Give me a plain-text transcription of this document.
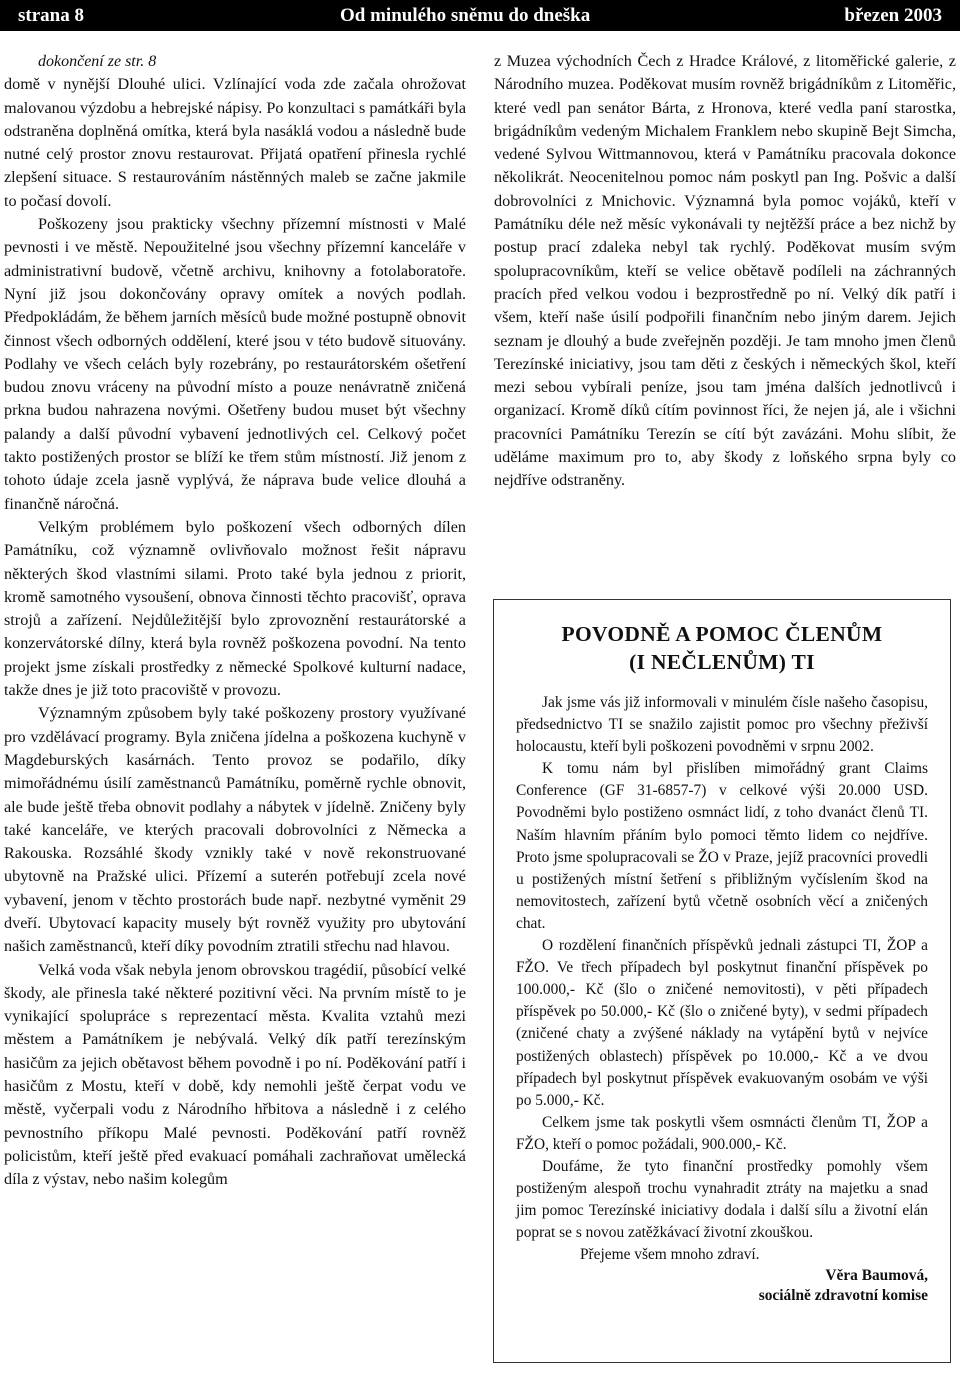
strana 8	Od minulého sněmu do dneška	březen 2003

dokončení ze str. 8

domě v nynější Dlouhé ulici. Vzlínající voda zde začala ohrožovat malovanou výzdobu a hebrejské nápisy. Po konzultaci s památkáři byla odstraněna doplněná omítka, která byla nasáklá vodou a následně bude nutné celý prostor znovu restaurovat. Přijatá opatření přinesla rychlé zlepšení situace. S restaurováním nástěnných maleb se začne jakmile to počasí dovolí.

Poškozeny jsou prakticky všechny přízemní místnosti v Malé pevnosti i ve městě. Nepoužitelné jsou všechny přízemní kanceláře v administrativní budově, včetně archivu, knihovny a fotolaboratoře. Nyní již jsou dokončovány opravy omítek a nových podlah. Předpokládám, že během jarních měsíců bude možné postupně obnovit činnost všech odborných oddělení, které jsou v této budově situovány. Podlahy ve všech celách byly rozebrány, po restaurátorském ošetření budou znovu vráceny na původní místo a pouze nenávratně zničená prkna budou nahrazena novými. Ošetřeny budou muset být všechny palandy a další původní vybavení jednotlivých cel. Celkový počet takto postižených prostor se blíží ke třem stům místností. Již jenom z tohoto údaje zcela jasně vyplývá, že náprava bude velice dlouhá a finančně náročná.

Velkým problémem bylo poškození všech odborných dílen Památníku, což významně ovlivňovalo možnost řešit nápravu některých škod vlastními silami. Proto také byla jednou z priorit, kromě samotného vysoušení, obnova činnosti těchto pracovišť, oprava strojů a zařízení. Nejdůležitější bylo zprovoznění restaurátorské a konzervátorské dílny, která byla rovněž poškozena povodní. Na tento projekt jsme získali prostředky z německé Spolkové kulturní nadace, takže dnes je již toto pracoviště v provozu.

Významným způsobem byly také poškozeny prostory využívané pro vzdělávací programy. Byla zničena jídelna a poškozena kuchyně v Magdeburských kasárnách. Tento provoz se podařilo, díky mimořádnému úsilí zaměstnanců Památníku, poměrně rychle obnovit, ale bude ještě třeba obnovit podlahy a nábytek v jídelně. Zničeny byly také kanceláře, ve kterých pracovali dobrovolníci z Německa a Rakouska. Rozsáhlé škody vznikly také v nově rekonstruované ubytovně na Pražské ulici. Přízemí a suterén potřebují zcela nové vybavení, jenom v těchto prostorách bude např. nezbytné vyměnit 29 dveří. Ubytovací kapacity musely být rovněž využity pro ubytování našich zaměstnanců, kteří díky povodním ztratili střechu nad hlavou.

Velká voda však nebyla jenom obrovskou tragédií, působící velké škody, ale přinesla také některé pozitivní věci. Na prvním místě to je vynikající spolupráce s reprezentací města. Kvalita vztahů mezi městem a Památníkem je nebývalá. Velký dík patří terezínským hasičům za jejich obětavost během povodně i po ní. Poděkování patří i hasičům z Mostu, kteří v době, kdy nemohli ještě čerpat vodu ve městě, vyčerpali vodu z Národního hřbitova a následně i z celého pevnostního příkopu Malé pevnosti. Poděkování patří rovněž policistům, kteří ještě před evakuací pomáhali zachraňovat umělecká díla z výstav, nebo našim kolegům

z Muzea východních Čech z Hradce Králové, z litoměřické galerie, z Národního muzea. Poděkovat musím rovněž brigádníkům z Litoměřic, které vedl pan senátor Bárta, z Hronova, které vedla paní starostka, brigádníkům vedeným Michalem Franklem nebo skupině Bejt Simcha, vedené Sylvou Wittmannovou, která v Památníku pracovala dokonce několikrát. Neocenitelnou pomoc nám poskytl pan Ing. Pošvic a další dobrovolníci z Mnichovic. Významná byla pomoc vojáků, kteří v Památníku déle než měsíc vykonávali ty nejtěžší práce a bez nichž by postup prací zdaleka nebyl tak rychlý. Poděkovat musím svým spolupracovníkům, kteří se velice obětavě podíleli na záchranných pracích před velkou vodou i bezprostředně po ní. Velký dík patří i všem, kteří naše úsilí podpořili finančním nebo jiným darem. Jejich seznam je dlouhý a bude zveřejněn později. Je tam mnoho jmen členů Terezínské iniciativy, jsou tam děti z českých i německých škol, kteří mezi sebou vybírali peníze, jsou tam jména dalších jednotlivců i organizací. Kromě díků cítím povinnost říci, že nejen já, ale i všichni pracovníci Památníku Terezín se cítí být zavázáni. Mohu slíbit, že uděláme maximum pro to, aby škody z loňského srpna byly co nejdříve odstraněny.

POVODNĚ A POMOC ČLENŮM
(I NEČLENŮM) TI

Jak jsme vás již informovali v minulém čísle našeho časopisu, předsednictvo TI se snažilo zajistit pomoc pro všechny přeživší holocaustu, kteří byli poškozeni povodněmi v srpnu 2002.

K tomu nám byl přislíben mimořádný grant Claims Conference (GF 31-6857-7) v celkové výši 20.000 USD. Povodněmi bylo postiženo osmnáct lidí, z toho dvanáct členů TI. Naším hlavním přáním bylo pomoci těmto lidem co nejdříve. Proto jsme spolupracovali se ŽO v Praze, jejíž pracovníci provedli u postižených místní šetření s přibližným vyčíslením škod na nemovitostech, zařízení bytů včetně osobních věcí a zničených chat.

O rozdělení finančních příspěvků jednali zástupci TI, ŽOP a FŽO. Ve třech případech byl poskytnut finanční příspěvek po 100.000,- Kč (šlo o zničené nemovitosti), v pěti případech příspěvek po 50.000,- Kč (šlo o zničené byty), v sedmi případech (zničené chaty a zvýšené náklady na vytápění bytů v nejvíce postižených oblastech) příspěvek po 10.000,- Kč a ve dvou případech byl poskytnut příspěvek evakuovaným osobám ve výši po 5.000,- Kč.

Celkem jsme tak poskytli všem osmnácti členům TI, ŽOP a FŽO, kteří o pomoc požádali, 900.000,- Kč.

Doufáme, že tyto finanční prostředky pomohly všem postiženým alespoň trochu vynahradit ztráty na majetku a snad jim pomoc Terezínské iniciativy dodala i další sílu a životní elán poprat se s novou zatěžkávací životní zkouškou.

Přejeme všem mnoho zdraví.

Věra Baumová,
sociálně zdravotní komise
